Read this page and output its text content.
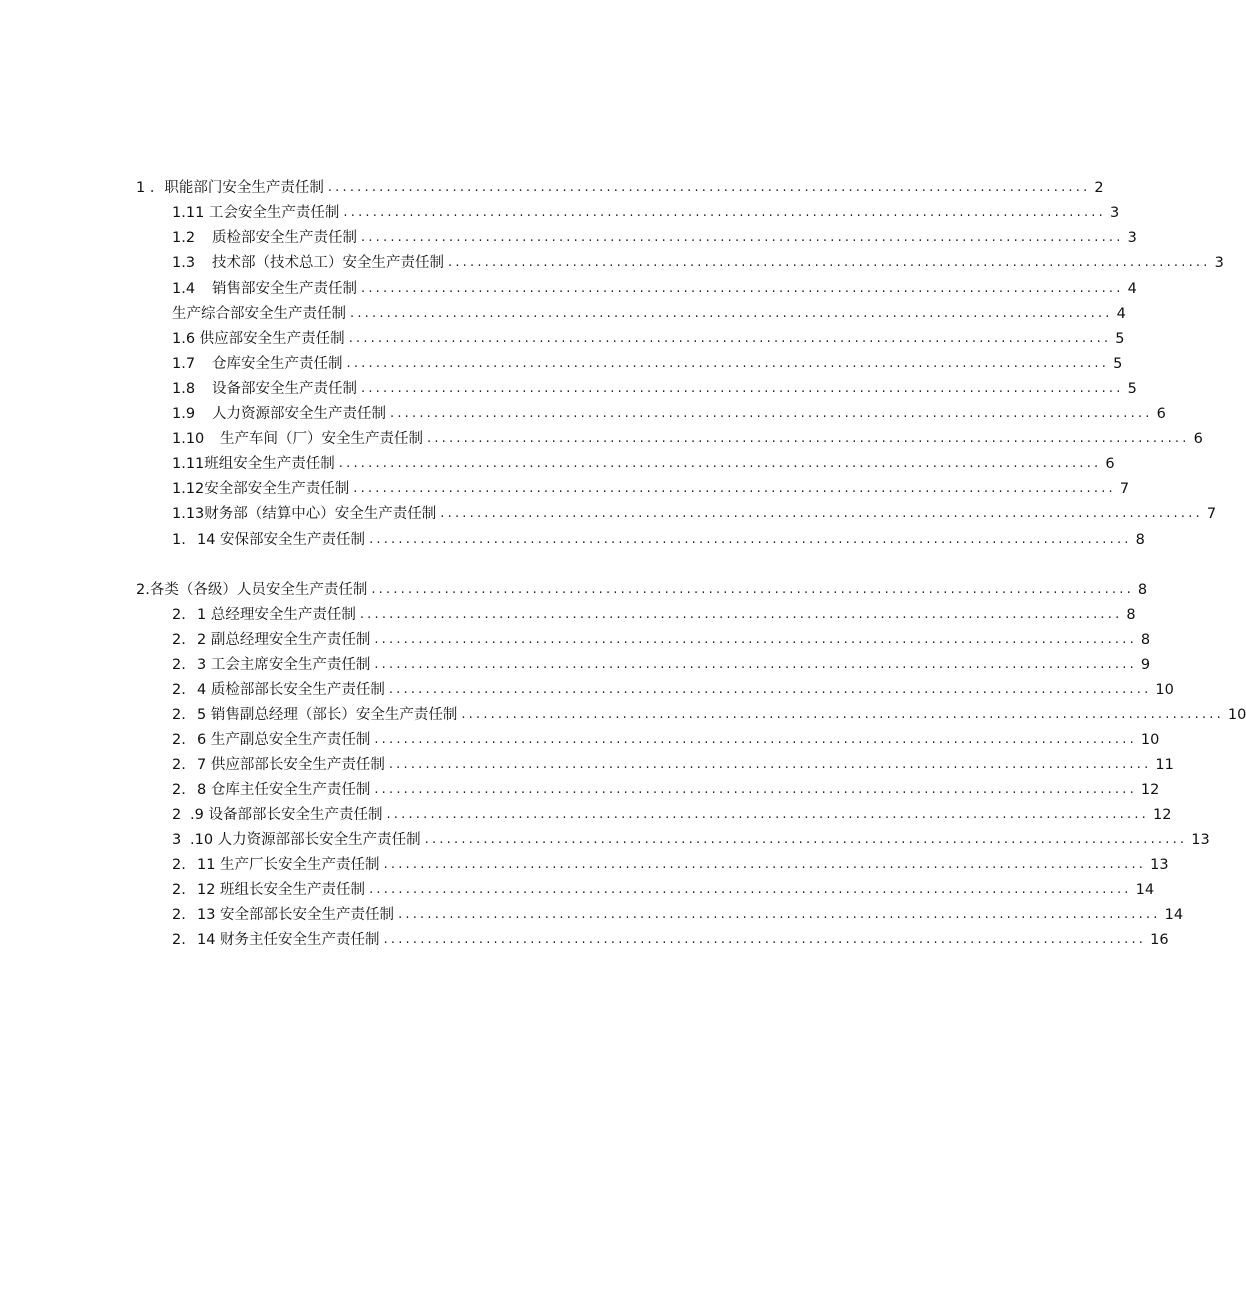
1 ． 职能部门安全生产责任制 ........................................................................................................ 2
1.1 1 工会安全生产责任制 ........................................................................................................ 3
1.2	质检部安全生产责任制 ........................................................................................................ 3
1.3	技术部（技术总工）安全生产责任制 ........................................................................................................ 3
1.4	销售部安全生产责任制 ........................................................................................................ 4
生产综合部安全生产责任制 ........................................................................................................ 4
1. 6 供应部安全生产责任制 ........................................................................................................ 5
1.7	仓库安全生产责任制 ........................................................................................................ 5
1.8	设备部安全生产责任制 ........................................................................................................ 5
1.9	人力资源部安全生产责任制 ........................................................................................................ 6
1.10	生产车间（厂）安全生产责任制 ........................................................................................................ 6
1.11 班组安全生产责任制 ........................................................................................................ 6
1.12 安全部安全生产责任制 ........................................................................................................ 7
1.13 财务部（结算中心）安全生产责任制 ........................................................................................................ 7
1. 14 安保部安全生产责任制 ........................................................................................................ 8
2. 各类（各级）人员安全生产责任制 ........................................................................................................ 8
2. 1 总经理安全生产责任制 ........................................................................................................ 8
2. 2 副总经理安全生产责任制 ........................................................................................................ 8
2. 3 工会主席安全生产责任制 ........................................................................................................ 9
2. 4 质检部部长安全生产责任制 ........................................................................................................ 10
2. 5 销售副总经理（部长）安全生产责任制 ........................................................................................................ 10
2. 6 生产副总安全生产责任制 ........................................................................................................ 10
2. 7 供应部部长安全生产责任制 ........................................................................................................ 11
2. 8 仓库主任安全生产责任制 ........................................................................................................ 12
2 .9 设备部部长安全生产责任制 ........................................................................................................ 12
3 .10 人力资源部部长安全生产责任制 ........................................................................................................ 13
2. 11 生产厂长安全生产责任制 ........................................................................................................ 13
2. 12 班组长安全生产责任制 ........................................................................................................ 14
2. 13 安全部部长安全生产责任制 ........................................................................................................ 14
2. 14 财务主任安全生产责任制 ........................................................................................................ 16
